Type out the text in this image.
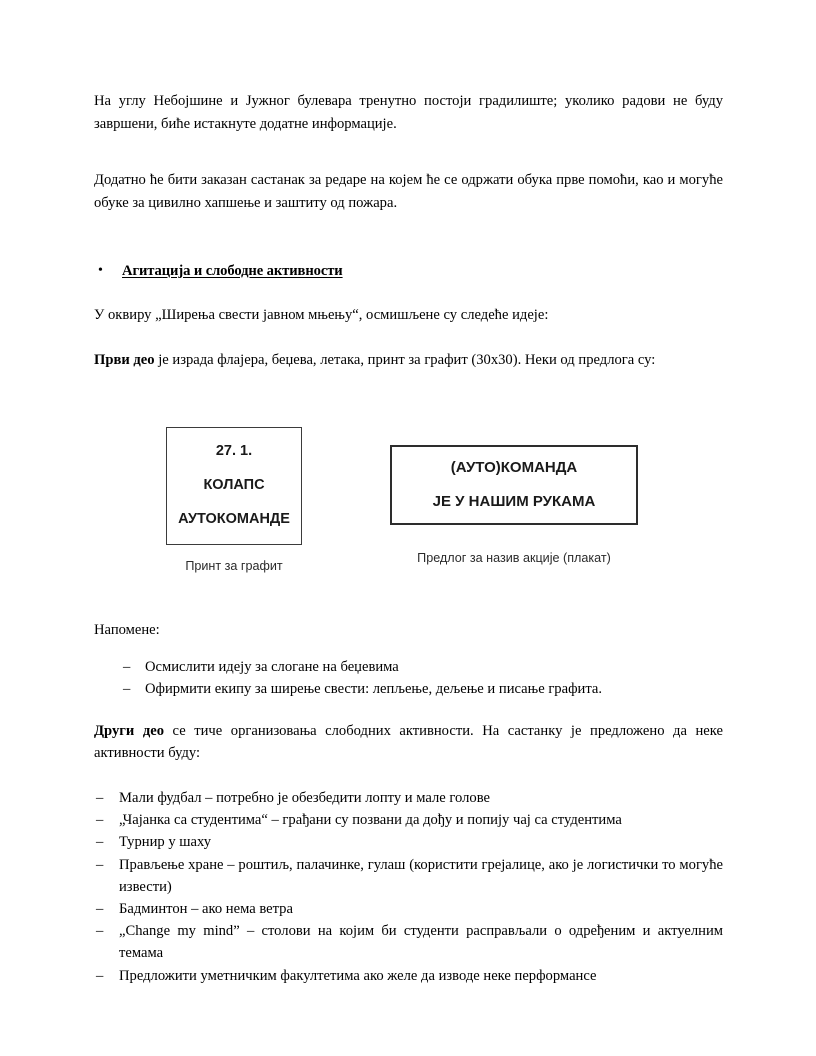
На углу Небојшине и Јужног булевара тренутно постоји градилиште; уколико радови не буду завршени, биће истакнуте додатне информације.

Додатно ће бити заказан састанак за редаре на којем ће се одржати обука прве помоћи, као и могуће обуке за цивилно хапшење и заштиту од пожара.

• Агитација и слободне активности

У оквиру „Ширења свести јавном мњењу“, осмишљене су следеће идеје:

Први део је израда флајера, беџева, летака, принт за графит (30x30). Неки од предлога су:

27. 1.
КОЛАПС
АУТОКОМАНДЕ
Принт за графит
(АУТО)КОМАНДА
ЈЕ У НАШИМ РУКАМА
Предлог за назив акције (плакат)

Напомене:

– Осмислити идеју за слогане на беџевима
– Офирмити екипу за ширење свести: лепљење, дељење и писање графита.

Други део се тиче организовања слободних активности. На састанку је предложено да неке активности буду:

– Мали фудбал – потребно је обезбедити лопту и мале голове
– „Чајанка са студентима“ – грађани су позвани да дођу и попију чај са студентима
– Турнир у шаху
– Прављење хране – роштиљ, палачинке, гулаш (користити грејалице, ако је логистички то могуће извести)
– Бадминтон – ако нема ветра
– „Change my mind” – столови на којим би студенти расправљали о одређеним и актуелним темама
– Предложити уметничким факултетима ако желе да изводе неке перформансе
